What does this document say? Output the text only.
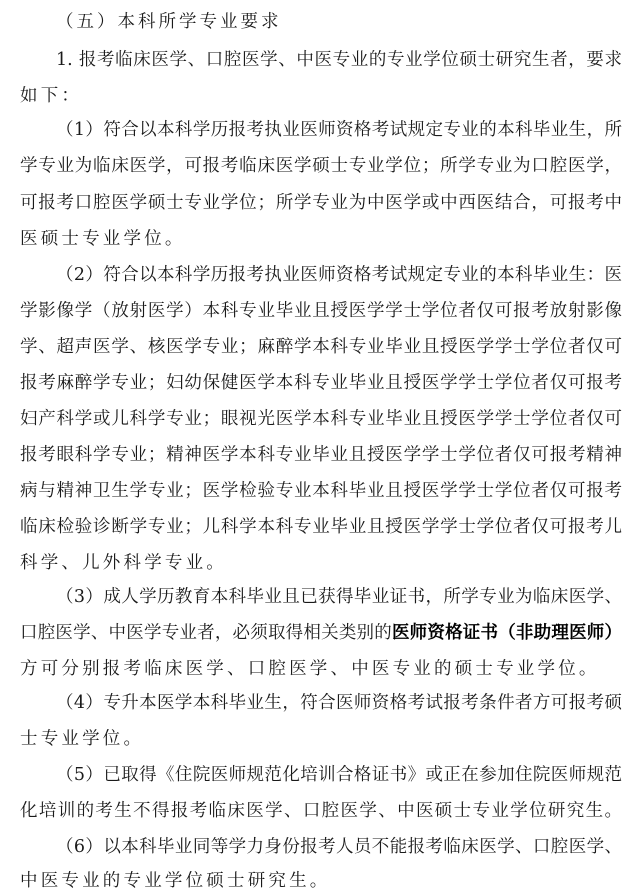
（五）本科所学专业要求
1. 报考临床医学、口腔医学、中医专业的专业学位硕士研究生者，要求
如下：
（1）符合以本科学历报考执业医师资格考试规定专业的本科毕业生，所
学专业为临床医学，可报考临床医学硕士专业学位；所学专业为口腔医学，
可报考口腔医学硕士专业学位；所学专业为中医学或中西医结合，可报考中
医硕士专业学位。
（2）符合以本科学历报考执业医师资格考试规定专业的本科毕业生：医
学影像学（放射医学）本科专业毕业且授医学学士学位者仅可报考放射影像
学、超声医学、核医学专业；麻醉学本科专业毕业且授医学学士学位者仅可
报考麻醉学专业；妇幼保健医学本科专业毕业且授医学学士学位者仅可报考
妇产科学或儿科学专业；眼视光医学本科专业毕业且授医学学士学位者仅可
报考眼科学专业；精神医学本科专业毕业且授医学学士学位者仅可报考精神
病与精神卫生学专业；医学检验专业本科毕业且授医学学士学位者仅可报考
临床检验诊断学专业；儿科学本科专业毕业且授医学学士学位者仅可报考儿
科学、儿外科学专业。
（3）成人学历教育本科毕业且已获得毕业证书，所学专业为临床医学、
口腔医学、中医学专业者，必须取得相关类别的医师资格证书（非助理医师）
方可分别报考临床医学、口腔医学、中医专业的硕士专业学位。
（4）专升本医学本科毕业生，符合医师资格考试报考条件者方可报考硕
士专业学位。
（5）已取得《住院医师规范化培训合格证书》或正在参加住院医师规范
化培训的考生不得报考临床医学、口腔医学、中医硕士专业学位研究生。
（6）以本科毕业同等学力身份报考人员不能报考临床医学、口腔医学、
中医专业的专业学位硕士研究生。
